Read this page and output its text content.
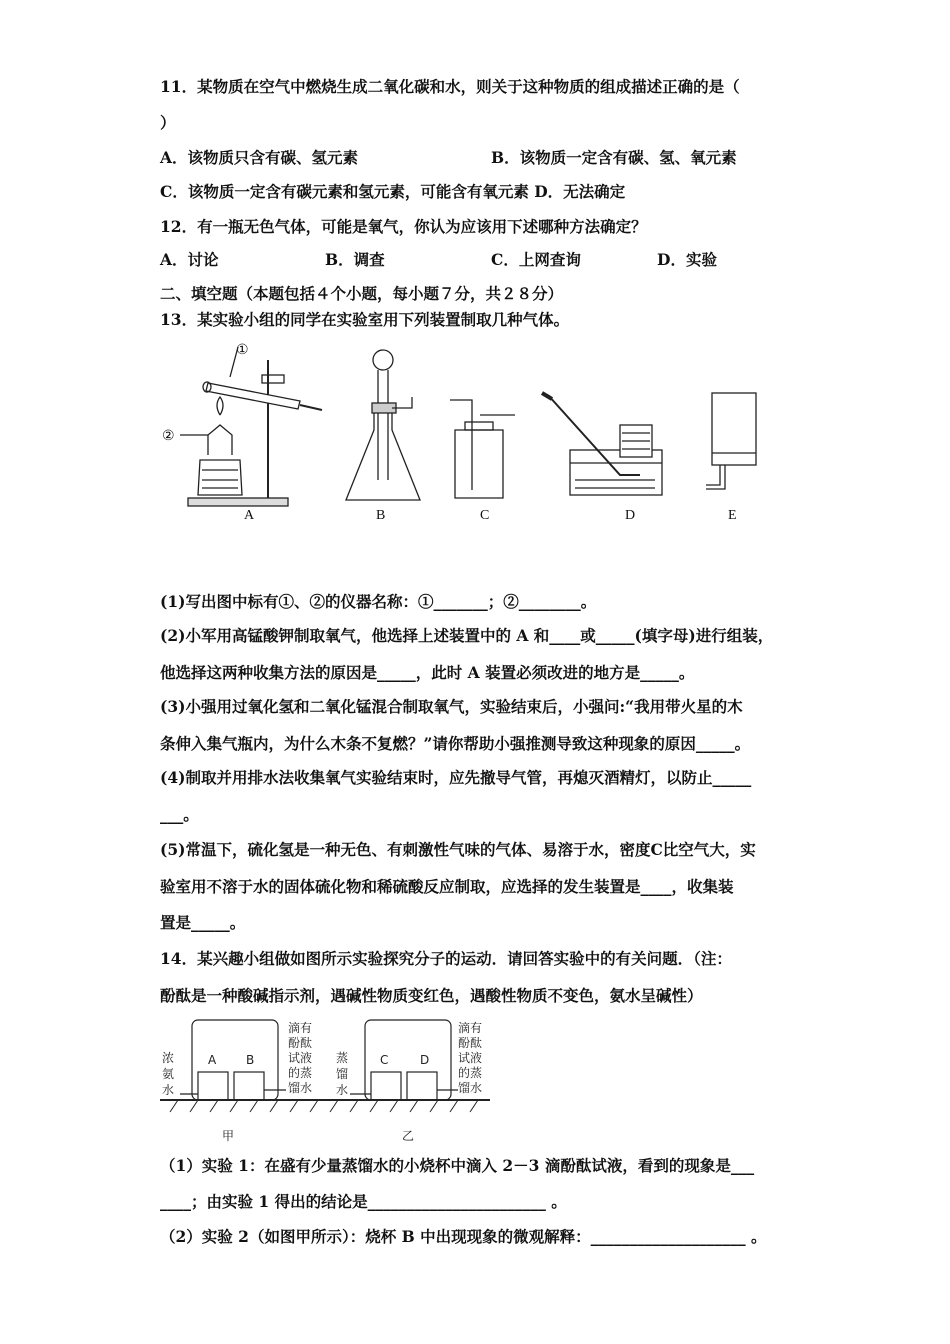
11．某物质在空气中燃烧生成二氧化碳和水，则关于这种物质的组成描述正确的是（
）
A．该物质只含有碳、氢元素	B．该物质一定含有碳、氢、氧元素
C．该物质一定含有碳元素和氢元素，可能含有氧元素 D．无法确定
12．有一瓶无色气体，可能是氧气，你认为应该用下述哪种方法确定？
A．讨论	B．调查	C．上网查询	D．实验
二、填空题（本题包括４个小题，每小题７分，共２８分）
13．某实验小组的同学在实验室用下列装置制取几种气体。
①
②
A	B	C	D	E
(1)写出图中标有①、②的仪器名称：①_______；②________。
(2)小军用高锰酸钾制取氧气，他选择上述装置中的 A 和____或_____(填字母)进行组装，
他选择这两种收集方法的原因是_____，此时 A 装置必须改进的地方是_____。
(3)小强用过氧化氢和二氧化锰混合制取氧气，实验结束后，小强问:“我用带火星的木
条伸入集气瓶内，为什么木条不复燃？”请你帮助小强推测导致这种现象的原因_____。
(4)制取并用排水法收集氧气实验结束时，应先撤导气管，再熄灭酒精灯，以防止_____
___。
(5)常温下，硫化氢是一种无色、有刺激性气味的气体、易溶于水，密度C比空气大，实
验室用不溶于水的固体硫化物和稀硫酸反应制取，应选择的发生装置是____，收集装
置是_____。
14．某兴趣小组做如图所示实验探究分子的运动．请回答实验中的有关问题．（注：
酚酞是一种酸碱指示剂，遇碱性物质变红色，遇酸性物质不变色，氨水呈碱性）
浓
氨
水
A B
滴有
酚酞
试液
的蒸
馏水
蒸
馏
水
C	D
滴有
酚酞
试液
的蒸
馏水
甲	乙
（1）实验 1：在盛有少量蒸馏水的小烧杯中滴入 2－3 滴酚酞试液，看到的现象是___
____；由实验 1 得出的结论是_______________________ 。
（2）实验 2（如图甲所示）：烧杯 B 中出现现象的微观解释：____________________ 。
